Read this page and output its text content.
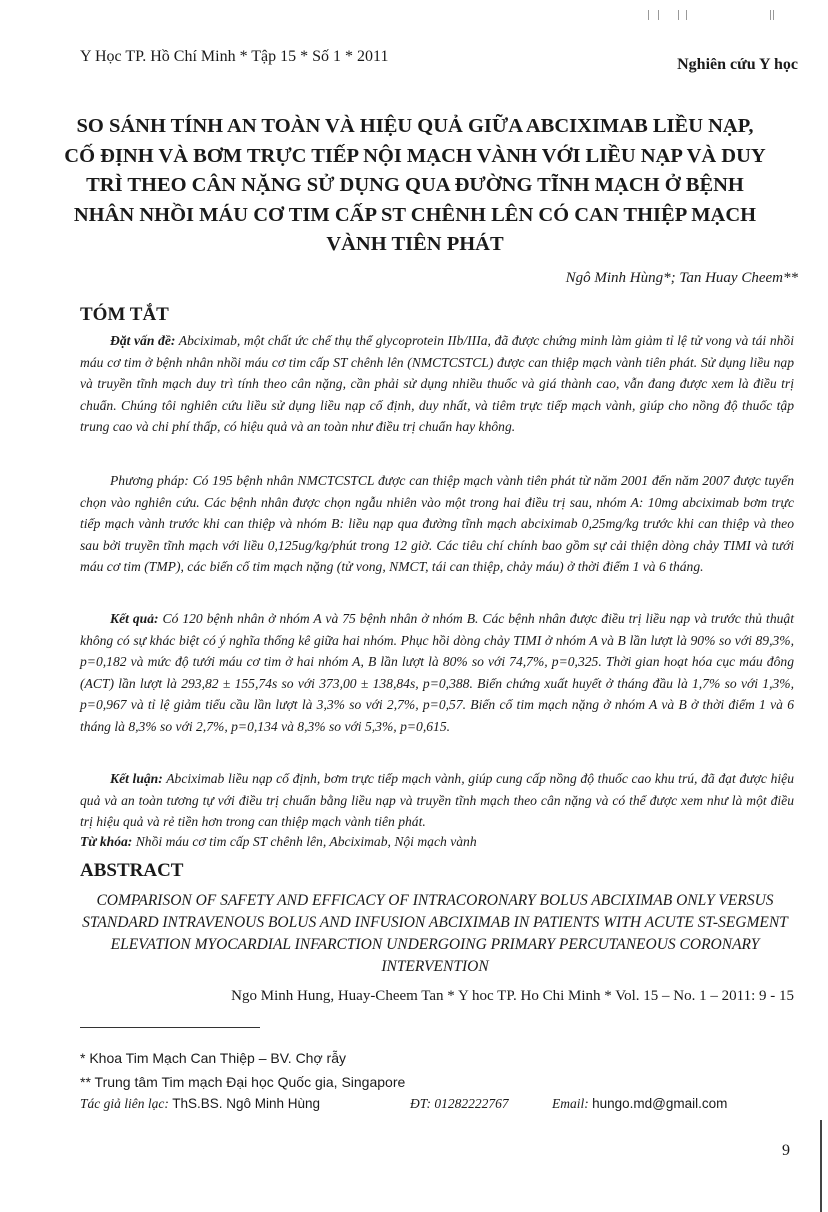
Y Học TP. Hồ Chí Minh * Tập 15 * Số 1 * 2011	Nghiên cứu Y học
SO SÁNH TÍNH AN TOÀN VÀ HIỆU QUẢ GIỮA ABCIXIMAB LIỀU NẠP, CỐ ĐỊNH VÀ BƠM TRỰC TIẾP NỘI MẠCH VÀNH VỚI LIỀU NẠP VÀ DUY TRÌ THEO CÂN NẶNG SỬ DỤNG QUA ĐƯỜNG TĨNH MẠCH Ở BỆNH NHÂN NHỒI MÁU CƠ TIM CẤP ST CHÊNH LÊN CÓ CAN THIỆP MẠCH VÀNH TIÊN PHÁT
Ngô Minh Hùng*; Tan Huay Cheem**
TÓM TẮT

Đặt vấn đề: Abciximab, một chất ức chế thụ thể glycoprotein IIb/IIIa, đã được chứng minh làm giảm tỉ lệ tử vong và tái nhồi máu cơ tim ở bệnh nhân nhồi máu cơ tim cấp ST chênh lên (NMCTCSTCL) được can thiệp mạch vành tiên phát. Sử dụng liều nạp và truyền tĩnh mạch duy trì tính theo cân nặng, cần phải sử dụng nhiều thuốc và giá thành cao, vẫn đang được xem là điều trị chuẩn. Chúng tôi nghiên cứu liều sử dụng liều nạp cố định, duy nhất, và tiêm trực tiếp mạch vành, giúp cho nồng độ thuốc tập trung cao và chi phí thấp, có hiệu quả và an toàn như điều trị chuẩn hay không.

Phương pháp: Có 195 bệnh nhân NMCTCSTCL được can thiệp mạch vành tiên phát từ năm 2001 đến năm 2007 được tuyển chọn vào nghiên cứu. Các bệnh nhân được chọn ngẫu nhiên vào một trong hai điều trị sau, nhóm A: 10mg abciximab bơm trực tiếp mạch vành trước khi can thiệp và nhóm B: liều nạp qua đường tĩnh mạch abciximab 0,25mg/kg trước khi can thiệp và theo sau bởi truyền tĩnh mạch với liều 0,125ug/kg/phút trong 12 giờ. Các tiêu chí chính bao gồm sự cải thiện dòng chảy TIMI và tưới máu cơ tim (TMP), các biến cố tim mạch nặng (tử vong, NMCT, tái can thiệp, chảy máu) ở thời điểm 1 và 6 tháng.

Kết quả: Có 120 bệnh nhân ở nhóm A và 75 bệnh nhân ở nhóm B. Các bệnh nhân được điều trị liều nạp và trước thủ thuật không có sự khác biệt có ý nghĩa thống kê giữa hai nhóm. Phục hồi dòng chảy TIMI ở nhóm A và B lần lượt là 90% so với 89,3%, p=0,182 và mức độ tưới máu cơ tim ở hai nhóm A, B lần lượt là 80% so với 74,7%, p=0,325. Thời gian hoạt hóa cục máu đông (ACT) lần lượt là 293,82 ± 155,74s so với 373,00 ± 138,84s, p=0,388. Biến chứng xuất huyết ở tháng đầu là 1,7% so với 1,3%, p=0,967 và tỉ lệ giảm tiểu cầu lần lượt là 3,3% so với 2,7%, p=0,57. Biến cố tim mạch nặng ở nhóm A và B ở thời điểm 1 và 6 tháng là 8,3% so với 2,7%, p=0,134 và 8,3% so với 5,3%, p=0,615.

Kết luận: Abciximab liều nạp cố định, bơm trực tiếp mạch vành, giúp cung cấp nồng độ thuốc cao khu trú, đã đạt được hiệu quả và an toàn tương tự với điều trị chuẩn bằng liều nạp và truyền tĩnh mạch theo cân nặng và có thể được xem như là một điều trị hiệu quả và rẻ tiền hơn trong can thiệp mạch vành tiên phát.

Từ khóa: Nhồi máu cơ tim cấp ST chênh lên, Abciximab, Nội mạch vành

ABSTRACT

COMPARISON OF SAFETY AND EFFICACY OF INTRACORONARY BOLUS ABCIXIMAB ONLY VERSUS STANDARD INTRAVENOUS BOLUS AND INFUSION ABCIXIMAB IN PATIENTS WITH ACUTE ST-SEGMENT ELEVATION MYOCARDIAL INFARCTION UNDERGOING PRIMARY PERCUTANEOUS CORONARY INTERVENTION

Ngo Minh Hung, Huay-Cheem Tan * Y hoc TP. Ho Chi Minh * Vol. 15 – No. 1 – 2011: 9 - 15
* Khoa Tim Mạch Can Thiệp – BV. Chợ rẫy
** Trung tâm Tim mạch Đại học Quốc gia, Singapore
Tác giả liên lạc: ThS.BS. Ngô Minh Hùng	ĐT: 01282222767	Email: hungo.md@gmail.com
9
